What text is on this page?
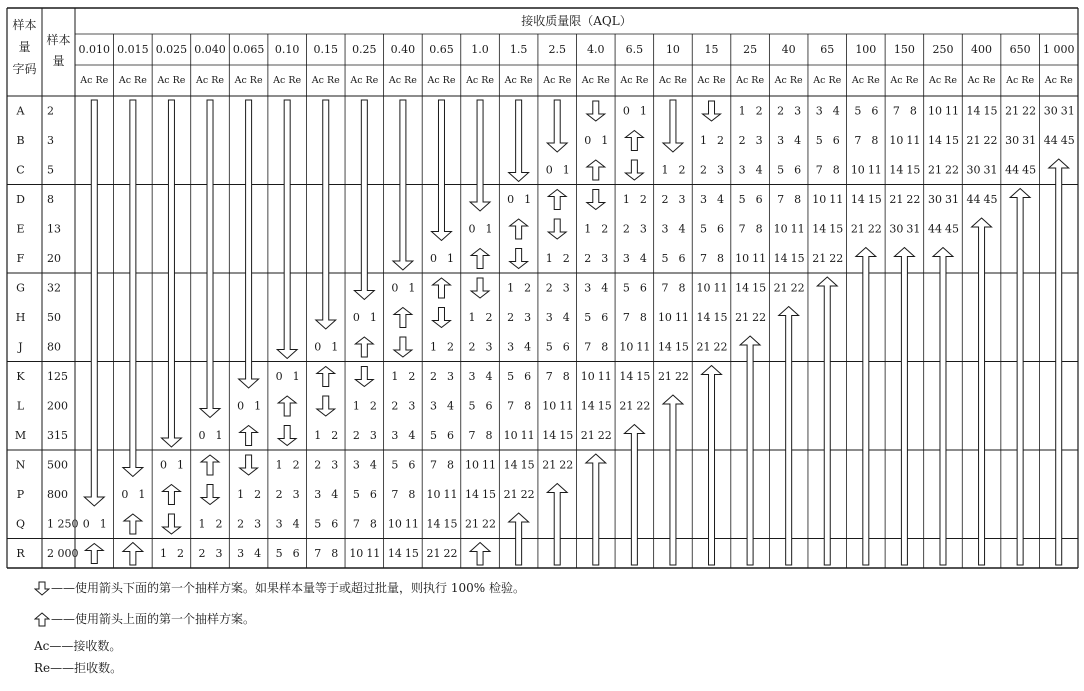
样本
量
字码
样本
量
接收质量限（AQL）
0.010 0.015 0.025 0.040 0.065 0.10 0.15 0.25 0.40 0.65 1.0 1.5 2.5 4.0 6.5 10 15 25 40 65 100 150 250 400 650 1 000
Ac Re Ac Re Ac Re Ac Re Ac Re Ac Re Ac Re Ac Re Ac Re Ac Re Ac Re Ac Re Ac Re Ac Re Ac Re Ac Re Ac Re Ac Re Ac Re Ac Re Ac Re Ac Re Ac Re Ac Re Ac Re Ac Re
A 2
B 3
C 5
D 8
E 13
F 20
G 32
H 50
J 80
K 125
L 200
M 315
N 500
P 800
Q 1 250
R 2 000
0 1
0 1
0 1
1 2
0 1
1 2
2 3
0 1
1 2
2 3
3 4
0 1
1 2
2 3
3 4
5 6
0 1
1 2
2 3
3 4
5 6
7 8
0 1
1 2
2 3
3 4
5 6
7 8
10 11
0 1
1 2
2 3
3 4
5 6
7 8
10 11
14 15
0 1
1 2
2 3
3 4
5 6
7 8
10 11
14 15
21 22
0 1
1 2
2 3
3 4
5 6
7 8
10 11
14 15
21 22
0 1
1 2
2 3
3 4
5 6
7 8
10 11
14 15
21 22
0 1
1 2
2 3
3 4
5 6
7 8
10 11
14 15
21 22
0 1
1 2
2 3
3 4
5 6
7 8
10 11
14 15
21 22
0 1
1 2
2 3
3 4
5 6
7 8
10 11
14 15
21 22
1 2
2 3
3 4
5 6
7 8
10 11
14 15
21 22
1 2
2 3
3 4
5 6
7 8
10 11
14 15
21 22
1 2
2 3
3 4
5 6
7 8
10 11
14 15
21 22
2 3
3 4
5 6
7 8
10 11
14 15
21 22
3 4
5 6
7 8
10 11
14 15
21 22
5 6
7 8
10 11
14 15
21 22
7 8
10 11
14 15
21 22
30 31
10 11
14 15
21 22
30 31
44 45
14 15
21 22
30 31
44 45
21 22
30 31
44 45
30 31
44 45
——使用箭头下面的第一个抽样方案。如果样本量等于或超过批量，则执行 100% 检验。
——使用箭头上面的第一个抽样方案。
Ac——接收数。
Re——拒收数。
